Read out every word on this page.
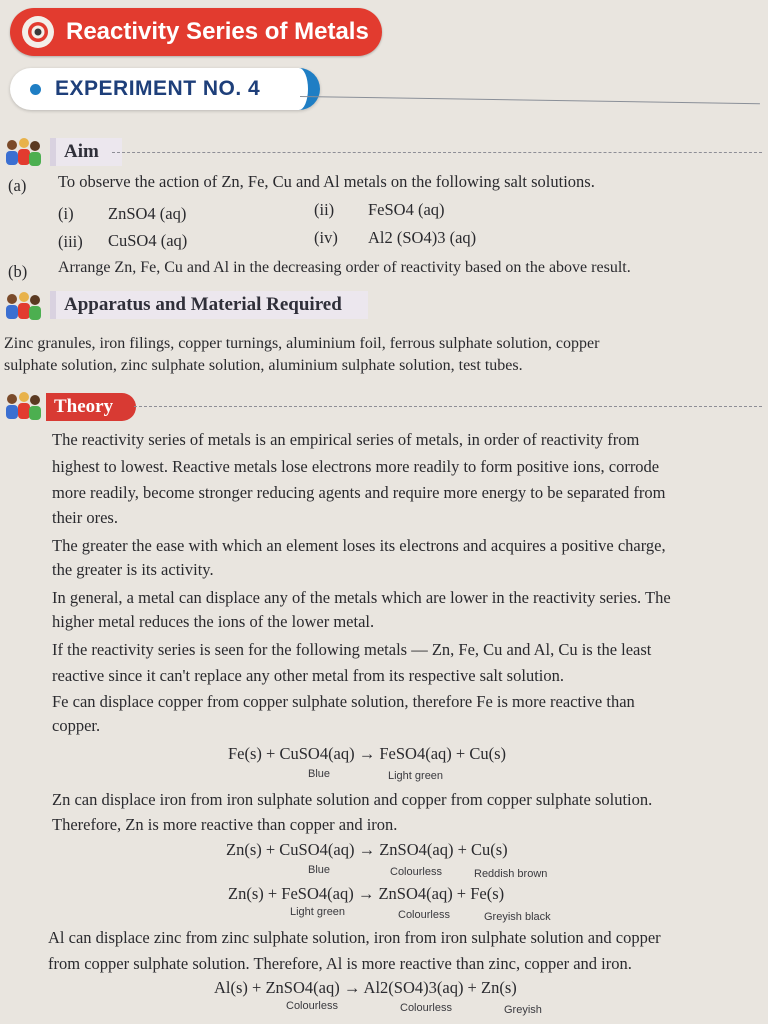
Reactivity Series of Metals
EXPERIMENT NO. 4
Aim
(a) To observe the action of Zn, Fe, Cu and Al metals on the following salt solutions.
(i) ZnSO4 (aq)	(ii) FeSO4 (aq)
(iii) CuSO4 (aq)	(iv) Al2 (SO4)3 (aq)
(b) Arrange Zn, Fe, Cu and Al in the decreasing order of reactivity based on the above result.
Apparatus and Material Required
Zinc granules, iron filings, copper turnings, aluminium foil, ferrous sulphate solution, copper
sulphate solution, zinc sulphate solution, aluminium sulphate solution, test tubes.
Theory
The reactivity series of metals is an empirical series of metals, in order of reactivity from
highest to lowest. Reactive metals lose electrons more readily to form positive ions, corrode
more readily, become stronger reducing agents and require more energy to be separated from
their ores.
The greater the ease with which an element loses its electrons and acquires a positive charge,
the greater is its activity.
In general, a metal can displace any of the metals which are lower in the reactivity series. The
higher metal reduces the ions of the lower metal.
If the reactivity series is seen for the following metals — Zn, Fe, Cu and Al, Cu is the least
reactive since it can't replace any other metal from its respective salt solution.
Fe can displace copper from copper sulphate solution, therefore Fe is more reactive than
copper.
Fe(s) + CuSO4(aq) → FeSO4(aq) + Cu(s)
Blue	Light green
Zn can displace iron from iron sulphate solution and copper from copper sulphate solution.
Therefore, Zn is more reactive than copper and iron.
Zn(s) + CuSO4(aq) → ZnSO4(aq) + Cu(s)
Blue	Colourless	Reddish brown
Zn(s) + FeSO4(aq) → ZnSO4(aq) + Fe(s)
Light green	Colourless	Greyish black
Al can displace zinc from zinc sulphate solution, iron from iron sulphate solution and copper
from copper sulphate solution. Therefore, Al is more reactive than zinc, copper and iron.
Al(s) + ZnSO4(aq) → Al2(SO4)3(aq) + Zn(s)
Colourless	Colourless	Greyish
